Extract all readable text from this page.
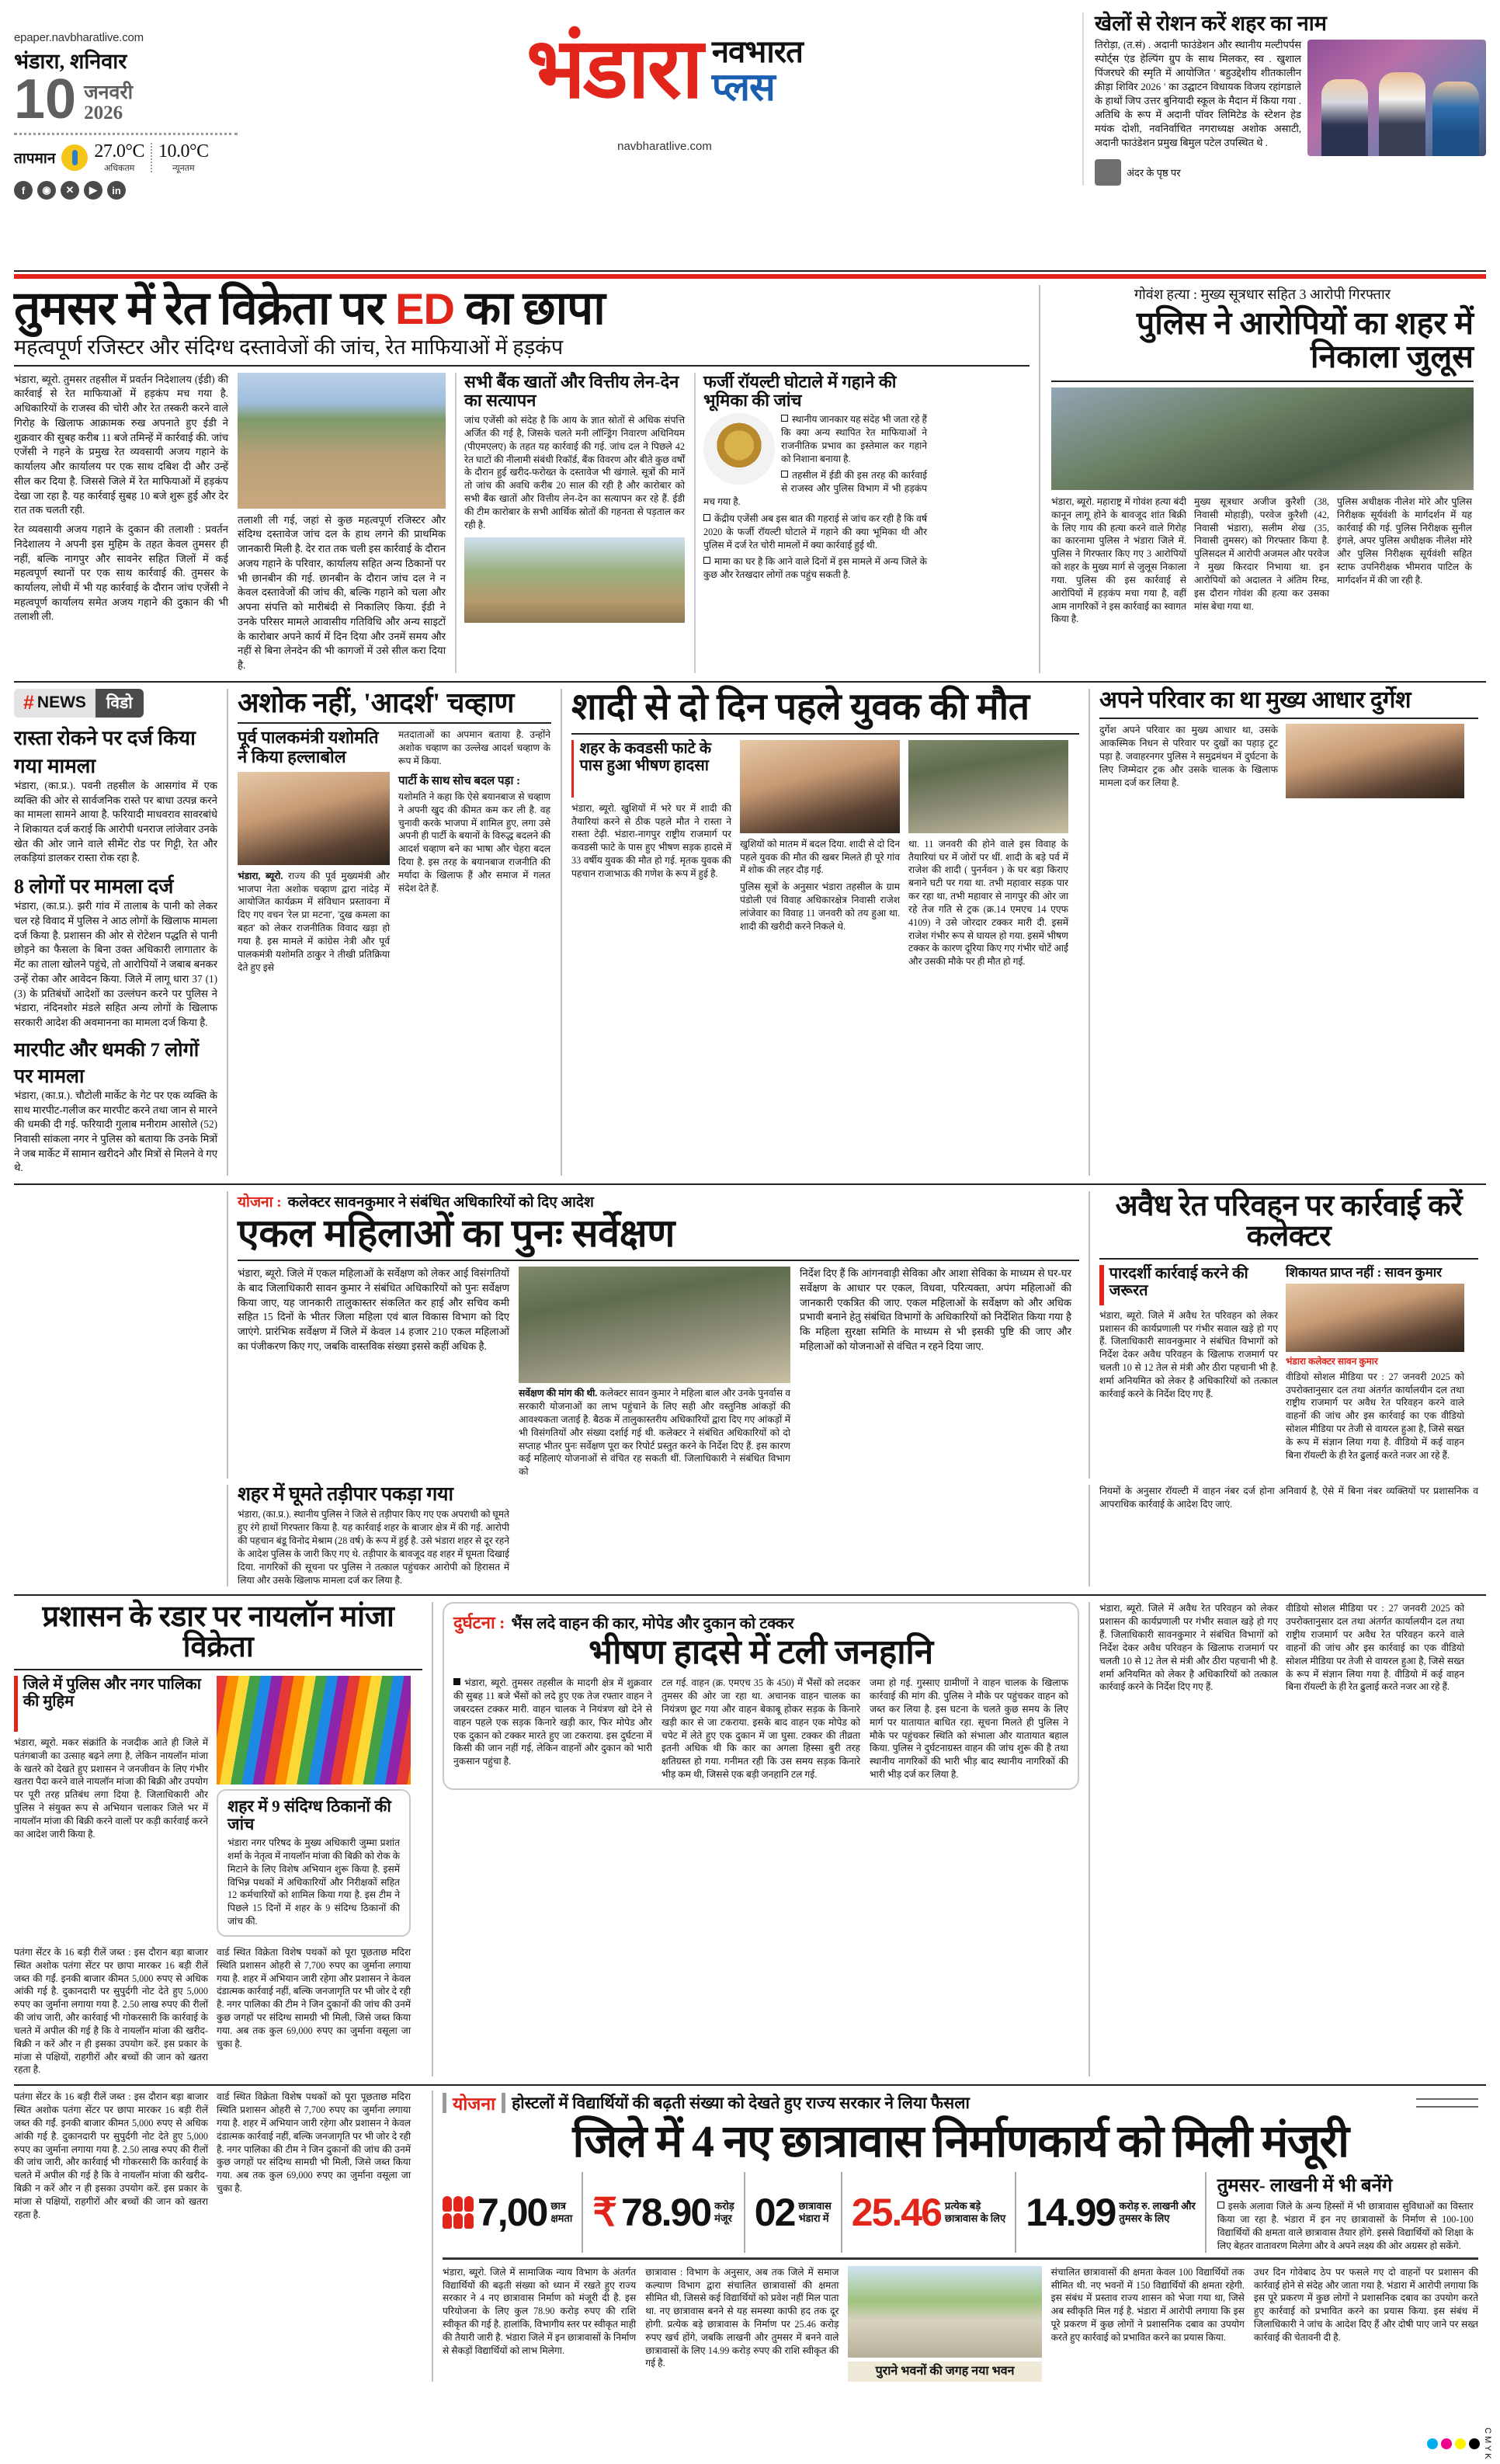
epaper.navbharatlive.com
भंडारा, शनिवार
10 जनवरी
2026
तापमान 27.0°C
अधिकतम
10.0°C
न्यूनतम
f	◉	✕	▶	in
भंडारा नवभारत
प्लस
navbharatlive.com
खेलों से रोशन करें शहर का नाम
तिरोड़ा, (त.सं) . अदानी फाउंडेशन और स्थानीय मल्टीपर्पस स्पोर्ट्स एंड हेल्पिंग ग्रुप के साथ मिलकर, स्व . खुशाल पिंजरघरे की स्मृति में आयोजित ' बहुउद्देशीय शीतकालीन क्रीड़ा शिविर 2026 ' का उद्घाटन विधायक विजय रहांगडाले के हाथों जिप उत्तर बुनियादी स्कूल के मैदान में किया गया . अतिथि के रूप में अदानी पॉवर लिमिटेड के स्टेशन हेड मयंक दोशी, नवनिर्वाचित नगराध्यक्ष अशोक असाटी, अदानी फाउंडेशन प्रमुख बिमुल पटेल उपस्थित थे .
अंदर के पृष्ठ पर
तुमसर में रेत विक्रेता पर ED का छापा
महत्वपूर्ण रजिस्टर और संदिग्ध दस्तावेजों की जांच, रेत माफियाओं में हड़कंप
भंडारा, ब्यूरो. तुमसर तहसील में प्रवर्तन निदेशालय (ईडी) की कार्रवाई से रेत माफियाओं में हड़कंप मच गया है. अधिकारियों के राजस्व की चोरी और रेत तस्करी करने वाले गिरोह के खिलाफ आक्रामक रुख अपनाते हुए ईडी ने शुक्रवार की सुबह करीब 11 बजे तमिन्हें में कार्रवाई की. जांच एजेंसी ने गहने के प्रमुख रेत व्यवसायी अजय गहाने के कार्यालय और कार्यालय पर एक साथ दबिश दी और उन्हें सील कर दिया है. जिससे जिले में रेत माफियाओं में हड़कंप देखा जा रहा है. यह कार्रवाई सुबह 10 बजे शुरू हुई और देर रात तक चलती रही.
रेत व्यवसायी अजय गहाने के दुकान की तलाशी : प्रवर्तन निदेशालय ने अपनी इस मुहिम के तहत केवल तुमसर ही नहीं, बल्कि नागपुर और सावनेर सहित जिलों में कई महत्वपूर्ण स्थानों पर एक साथ कार्रवाई की. तुमसर के कार्यालय, लोधी में भी यह कार्रवाई के दौरान जांच एजेंसी ने महत्वपूर्ण कार्यालय समेत अजय गहाने की दुकान की भी तलाशी ली.
तलाशी ली गई, जहां से कुछ महत्वपूर्ण रजिस्टर और संदिग्ध दस्तावेज जांच दल के हाथ लगने की प्राथमिक जानकारी मिली है. देर रात तक चली इस कार्रवाई के दौरान अजय गहाने के परिवार, कार्यालय सहित अन्य ठिकानों पर भी छानबीन की गई. छानबीन के दौरान जांच दल ने न केवल दस्तावेजों की जांच की, बल्कि गहाने को चला और अपना संपत्ति को मारीबंदी से निकालिए किया. ईडी ने उनके परिसर मामले आवासीय गतिविधि और अन्य साइटों के कारोबार अपने कार्य में दिन दिया और उनमें समय और नहीं से बिना लेनदेन की भी कागजों में उसे सील करा दिया है.
सभी बैंक खातों और वित्तीय लेन-देन का सत्यापन
जांच एजेंसी को संदेह है कि आय के ज्ञात स्रोतों से अधिक संपत्ति अर्जित की गई है, जिसके चलते मनी लॉन्ड्रिंग निवारण अधिनियम (पीएमएलए) के तहत यह कार्रवाई की गई. जांच दल ने पिछले 42 रेत घाटों की नीलामी संबंधी रिकॉर्ड, बैंक विवरण और बीते कुछ वर्षों के दौरान हुई खरीद-फरोख्त के दस्तावेज भी खंगाले. सूत्रों की मानें तो जांच की अवधि करीब 20 साल की रही है और कारोबार को सभी बैंक खातों और वित्तीय लेन-देन का सत्यापन कर रहे हैं. ईडी की टीम कारोबार के सभी आर्थिक स्रोतों की गहनता से पड़ताल कर रही है.
फर्जी रॉयल्टी घोटाले में गहाने की भूमिका की जांच
स्थानीय जानकार यह संदेह भी जता रहे हैं कि क्या अन्य स्थापित रेत माफियाओं ने राजनीतिक प्रभाव का इस्तेमाल कर गहाने को निशाना बनाया है.
तहसील में ईडी की इस तरह की कार्रवाई से राजस्व और पुलिस विभाग में भी हड़कंप मच गया है.
केंद्रीय एजेंसी अब इस बात की गहराई से जांच कर रही है कि वर्ष 2020 के फर्जी रॉयल्टी घोटाले में गहाने की क्या भूमिका थी और पुलिस में दर्ज रेत चोरी मामलों में क्या कार्रवाई हुई थी.
मामा का घर है कि आने वाले दिनों में इस मामले में अन्य जिले के कुछ और रेतखदार लोगों तक पहुंच सकती है.
गोवंश हत्या : मुख्य सूत्रधार सहित 3 आरोपी गिरफ्तार
पुलिस ने आरोपियों का शहर में निकाला जुलूस
भंडारा, ब्यूरो. महाराष्ट्र में गोवंश हत्या बंदी कानून लागू होने के बावजूद शांत बिक्री के लिए गाय की हत्या करने वाले गिरोह का कारनामा पुलिस ने भंडारा जिले में. पुलिस ने गिरफ्तार किए गए 3 आरोपियों को शहर के मुख्य मार्ग से जुलूस निकाला गया. पुलिस की इस कार्रवाई से आरोपियों में हड़कंप मचा गया है, वहीं आम नागरिकों ने इस कार्रवाई का स्वागत किया है.
मुख्य सूत्रधार अजीज कुरैशी (38, निवासी मोहाड़ी), परवेज कुरैशी (42, निवासी भंडारा), सलीम शेख (35, निवासी तुमसर) को गिरफ्तार किया है. पुलिसदल में आरोपी अजमल और परवेज ने मुख्य किरदार निभाया था. इन आरोपियों को अदालत ने अंतिम रिम्ड, इस दौरान गोवंश की हत्या कर उसका मांस बेचा गया था.
पुलिस अधीक्षक नीलेश मोरे और पुलिस निरीक्षक सूर्यवंशी के मार्गदर्शन में यह कार्रवाई की गई. पुलिस निरीक्षक सुनील इंगले, अपर पुलिस अधीक्षक नीलेश मोरे और पुलिस निरीक्षक सूर्यवंशी सहित स्टाफ उपनिरीक्षक भीमराव पाटिल के मार्गदर्शन में की जा रही है.
# NEWS	विडो
रास्ता रोकने पर दर्ज किया गया मामला
भंडारा, (का.प्र.). पवनी तहसील के आसगांव में एक व्यक्ति की ओर से सार्वजनिक रास्ते पर बाधा उत्पन्न करने का मामला सामने आया है. फरियादी माधवराव सावरबांधे ने शिकायत दर्ज कराई कि आरोपी धनराज लांजेवार उनके खेत की ओर जाने वाले सीमेंट रोड पर गिट्टी, रेत और लकड़ियां डालकर रास्ता रोक रहा है.
8 लोगों पर मामला दर्ज
भंडारा, (का.प्र.). झरी गांव में तालाब के पानी को लेकर चल रहे विवाद में पुलिस ने आठ लोगों के खिलाफ मामला दर्ज किया है. प्रशासन की ओर से रोटेशन पद्धति से पानी छोड़ने का फैसला के बिना उक्त अधिकारी लागातार के मेंट का ताला खोलने पहुंचे, तो आरोपियों ने जबाब बनकर उन्हें रोका और आवेदन किया. जिले में लागू धारा 37 (1) (3) के प्रतिबंधों आदेशों का उल्लंघन करने पर पुलिस ने भंडारा, नंदिनशोर मंडले सहित अन्य लोगों के खिलाफ सरकारी आदेश की अवमानना का मामला दर्ज किया है.
मारपीट और धमकी 7 लोगों पर मामला
भंडारा, (का.प्र.). चौटोली मार्केट के गेट पर एक व्यक्ति के साथ मारपीट-गलीज कर मारपीट करने तथा जान से मारने की धमकी दी गई. फरियादी गुलाब मनीराम आसोले (52) निवासी सांकला नगर ने पुलिस को बताया कि उनके मित्रों ने जब मार्केट में सामान खरीदने और मित्रों से मिलने वे गए थे.
अशोक नहीं, 'आदर्श' चव्हाण
पूर्व पालकमंत्री यशोमति ने किया हल्लाबोल
भंडारा, ब्यूरो. राज्य की पूर्व मुख्यमंत्री और भाजपा नेता अशोक चव्हाण द्वारा नांदेड़ में आयोजित कार्यक्रम में संविधान प्रस्तावना में दिए गए वचन 'रेल प्रा मटना', 'दुख कमला का बहत' को लेकर राजनीतिक विवाद खड़ा हो गया है. इस मामले में कांग्रेस नेत्री और पूर्व पालकमंत्री यशोमति ठाकुर ने तीखी प्रतिक्रिया देते हुए इसे
मतदाताओं का अपमान बताया है. उन्होंने अशोक चव्हाण का उल्लेख आदर्श चव्हाण के रूप में किया.
पार्टी के साथ सोच बदल पड़ा :
यशोमति ने कहा कि ऐसे बयानबाज से चव्हाण ने अपनी खुद की कीमत कम कर ली है. वह चुनावी करके भाजपा में शामिल हुए, लगा उसे अपनी ही पार्टी के बयानों के विरुद्ध बदलने की आदर्श चव्हाण बने का भाषा और चेहरा बदल दिया है. इस तरह के बयानबाज राजनीति की मर्यादा के खिलाफ हैं और समाज में गलत संदेश देते हैं.
शादी से दो दिन पहले युवक की मौत
शहर के कवडसी फाटे के पास हुआ भीषण हादसा
भंडारा, ब्यूरो. खुशियों में भरे घर में शादी की तैयारियां करने से ठीक पहले मौत ने रास्ता ने रास्ता टेढ़ी. भंडारा-नागपुर राष्ट्रीय राजमार्ग पर कवडसी फाटे के पास हुए भीषण सड़क हादसे में 33 वर्षीय युवक की मौत हो गई. मृतक युवक की पहचान राजाभाऊ की गणेश के रूप में हुई है.
खुशियों को मातम में बदल दिया. शादी से दो दिन पहले युवक की मौत की खबर मिलते ही पूरे गांव में शोक की लहर दौड़ गई.
पुलिस सूत्रों के अनुसार भंडारा तहसील के ग्राम पंडोली एवं विवाह अधिकारक्षेत्र निवासी राजेश लांजेवार का विवाह 11 जनवरी को तय हुआ था. शादी की खरीदी करने निकले थे.
था. 11 जनवरी की होने वाले इस विवाह के तैयारियां घर में जोरों पर थीं. शादी के बड़े पर्व में राजेश की शादी ( पुनर्नवन ) के घर बड़ा किराए बनाने घटी पर गया था. तभी महावार सड़क पार कर रहा था, तभी महावार से नागपुर की ओर जा रहे तेज गति से ट्रक (क्र.14 एमएच 14 एएफ 4109) ने उसे जोरदार टक्कर मारी दी. इसमें राजेश गंभीर रूप से घायल हो गया. इसमें भीषण टक्कर के कारण दूरिया किए गए गंभीर चोटें आईं और उसकी मौके पर ही मौत हो गई.
अपने परिवार का था मुख्य आधार दुर्गेश
दुर्गेश अपने परिवार का मुख्य आधार था, उसके आकस्मिक निधन से परिवार पर दुखों का पहाड़ टूट पड़ा है. जवाहरनगर पुलिस ने समुद्रमंथन में दुर्घटना के लिए जिम्मेदार ट्रक और उसके चालक के खिलाफ मामला दर्ज कर लिया है.
योजना : कलेक्टर सावनकुमार ने संबंधित अधिकारियों को दिए आदेश
एकल महिलाओं का पुनः सर्वेक्षण
भंडारा, ब्यूरो. जिले में एकल महिलाओं के सर्वेक्षण को लेकर आई विसंगतियों के बाद जिलाधिकारी सावन कुमार ने संबंधित अधिकारियों को पुनः सर्वेक्षण किया जाए, यह जानकारी तालुकास्तर संकलित कर हाई और सचिव कमी सहित 15 दिनों के भीतर जिला महिला एवं बाल विकास विभाग को दिए जाएंगे. प्रारंभिक सर्वेक्षण में जिले में केवल 14 हजार 210 एकल महिलाओं का पंजीकरण किए गए, जबकि वास्तविक संख्या इससे कहीं अधिक है.
सर्वेक्षण की मांग की थी. कलेक्टर सावन कुमार ने महिला बाल और उनके पुनर्वास व सरकारी योजनाओं का लाभ पहुंचाने के लिए सही और वस्तुनिष्ठ आंकड़ों की आवश्यकता जताई है. बैठक में तालुकास्तरीय अधिकारियों द्वारा दिए गए आंकड़ों में भी विसंगतियों और संख्या दर्शाई गई थी. कलेक्टर ने संबंधित अधिकारियों को दो सप्ताह भीतर पुनः सर्वेक्षण पूरा कर रिपोर्ट प्रस्तुत करने के निर्देश दिए हैं. इस कारण कई महिलाएं योजनाओं से वंचित रह सकती थीं. जिलाधिकारी ने संबंधित विभाग को
निर्देश दिए हैं कि आंगनवाड़ी सेविका और आशा सेविका के माध्यम से घर-घर सर्वेक्षण के आधार पर एकल, विधवा, परित्यक्ता, अपंग महिलाओं की जानकारी एकत्रित की जाए. एकल महिलाओं के सर्वेक्षण को और अधिक प्रभावी बनाने हेतु संबंधित विभागों के अधिकारियों को निर्देशित किया गया है कि महिला सुरक्षा समिति के माध्यम से भी इसकी पुष्टि की जाए और महिलाओं को योजनाओं से वंचित न रहने दिया जाए.
अवैध रेत परिवहन पर कार्रवाई करें कलेक्टर
पारदर्शी कार्रवाई करने की जरूरत
भंडारा, ब्यूरो. जिले में अवैध रेत परिवहन को लेकर प्रशासन की कार्यप्रणाली पर गंभीर सवाल खड़े हो गए हैं. जिलाधिकारी सावनकुमार ने संबंधित विभागों को निर्देश देकर अवैध परिवहन के खिलाफ राजमार्ग पर चलती 10 से 12 तेल से मंत्री और ठीरा पहचानी भी है. शर्मा अनियमित को लेकर है अधिकारियों को तत्काल कार्रवाई करने के निर्देश दिए गए हैं.
शिकायत प्राप्त नहीं : सावन कुमार
भंडारा कलेक्टर सावन कुमार
वीडियो सोशल मीडिया पर : 27 जनवरी 2025 को उपरोक्तानुसार दल तथा अंतर्गत कार्यालयीन दल तथा राष्ट्रीय राजमार्ग पर अवैध रेत परिवहन करने वाले वाहनों की जांच और इस कार्रवाई का एक वीडियो सोशल मीडिया पर तेजी से वायरल हुआ है, जिसे सख्त के रूप में संज्ञान लिया गया है. वीडियो में कई वाहन बिना रॉयल्टी के ही रेत ढुलाई करते नजर आ रहे हैं.
शहर में घूमते तड़ीपार पकड़ा गया
भंडारा, (का.प्र.). स्थानीय पुलिस ने जिले से तड़ीपार किए गए एक अपराधी को घूमते हुए रंगे हाथों गिरफ्तार किया है. यह कार्रवाई शहर के बाजार क्षेत्र में की गई. आरोपी की पहचान बंडू विनोद मेश्राम (28 वर्ष) के रूप में हुई है. उसे भंडारा शहर से दूर रहने के आदेश पुलिस के जारी किए गए थे. तड़ीपार के बावजूद वह शहर में घूमता दिखाई दिया. नागरिकों की सूचना पर पुलिस ने तत्काल पहुंचकर आरोपी को हिरासत में लिया और उसके खिलाफ मामला दर्ज कर लिया है.
नियमों के अनुसार रॉयल्टी में वाहन नंबर दर्ज होना अनिवार्य है, ऐसे में बिना नंबर व्यक्तियों पर प्रशासनिक व आपराधिक कार्रवाई के आदेश दिए जाएं.
प्रशासन के रडार पर नायलॉन मांजा विक्रेता
जिले में पुलिस और नगर पालिका की मुहिम
भंडारा, ब्यूरो. मकर संक्रांति के नजदीक आते ही जिले में पतंगबाजी का उत्साह बढ़ने लगा है, लेकिन नायलॉन मांजा के खतरे को देखते हुए प्रशासन ने जनजीवन के लिए गंभीर खतरा पैदा करने वाले नायलॉन मांजा की बिक्री और उपयोग पर पूरी तरह प्रतिबंध लगा दिया है. जिलाधिकारी और पुलिस ने संयुक्त रूप से अभियान चलाकर जिले भर में नायलॉन मांजा की बिक्री करने वालों पर कड़ी कार्रवाई करने का आदेश जारी किया है.
शहर में 9 संदिग्ध ठिकानों की जांच
भंडारा नगर परिषद के मुख्य अधिकारी जुम्मा प्रशांत शर्मा के नेतृत्व में नायलॉन मांजा की बिक्री को रोक के मिटाने के लिए विशेष अभियान शुरू किया है. इसमें विभिन्न पथकों में अधिकारियों और निरीक्षकों सहित 12 कर्मचारियों को शामिल किया गया है. इस टीम ने पिछले 15 दिनों में शहर के 9 संदिग्ध ठिकानों की जांच की.
पतंगा सेंटर के 16 बड़ी रीलें जब्त : इस दौरान बड़ा बाजार स्थित अशोक पतंगा सेंटर पर छापा मारकर 16 बड़ी रीलें जब्त की गईं. इनकी बाजार कीमत 5,000 रुपए से अधिक आंकी गई है. दुकानदारी पर सुपुर्दगी नोट देते हुए 5,000 रुपए का जुर्माना लगाया गया है. 2.50 लाख रुपए की रीलों की जांच जारी, और कार्रवाई भी गोकरसारी कि कार्रवाई के चलते में अपील की गई है कि वे नायलॉन मांजा की खरीद-बिक्री न करें और न ही इसका उपयोग करें. इस प्रकार के मांजा से पक्षियों, राहगीरों और बच्चों की जान को खतरा रहता है.
वार्ड स्थित विक्रेता विशेष पथकों को पूरा पूछताछ मदिरा स्थिति प्रशासन ओहरी से 7,700 रुपए का जुर्माना लगाया गया है. शहर में अभियान जारी रहेगा और प्रशासन ने केवल दंडात्मक कार्रवाई नहीं, बल्कि जनजागृति पर भी जोर दे रही है. नगर पालिका की टीम ने जिन दुकानों की जांच की उनमें कुछ जगहों पर संदिग्ध सामग्री भी मिली, जिसे जब्त किया गया. अब तक कुल 69,000 रुपए का जुर्माना वसूला जा चुका है.
दुर्घटना : भैंस लदे वाहन की कार, मोपेड और दुकान को टक्कर
भीषण हादसे में टली जनहानि
भंडारा, ब्यूरो. तुमसर तहसील के मादगी क्षेत्र में शुक्रवार की सुबह 11 बजे भैंसों को लदे हुए एक तेज रफ्तार वाहन ने जबरदस्त टक्कर मारी. वाहन चालक ने नियंत्रण खो देने से वाहन पहले एक सड़क किनारे खड़ी कार, फिर मोपेड और एक दुकान को टक्कर मारते हुए जा टकराया. इस दुर्घटना में किसी की जान नहीं गई, लेकिन वाहनों और दुकान को भारी नुकसान पहुंचा है.
टल गई. वाहन (क्र. एमएच 35 के 450) में भैंसों को लदकर तुमसर की ओर जा रहा था. अचानक वाहन चालक का नियंत्रण छूट गया और वाहन बेकाबू होकर सड़क के किनारे खड़ी कार से जा टकराया. इसके बाद वाहन एक मोपेड को चपेट में लेते हुए एक दुकान में जा घुसा. टक्कर की तीव्रता इतनी अधिक थी कि कार का अगला हिस्सा बुरी तरह क्षतिग्रस्त हो गया. गनीमत रही कि उस समय सड़क किनारे भीड़ कम थी, जिससे एक बड़ी जनहानि टल गई.
जमा हो गई. गुस्साए ग्रामीणों ने वाहन चालक के खिलाफ कार्रवाई की मांग की. पुलिस ने मौके पर पहुंचकर वाहन को जब्त कर लिया है. इस घटना के चलते कुछ समय के लिए मार्ग पर यातायात बाधित रहा. सूचना मिलते ही पुलिस ने मौके पर पहुंचकर स्थिति को संभाला और यातायात बहाल किया. पुलिस ने दुर्घटनाग्रस्त वाहन की जांच शुरू की है तथा स्थानीय नागरिकों की भारी भीड़ बाद स्थानीय नागरिकों की भारी भीड़ दर्ज कर लिया है.
भंडारा, ब्यूरो. जिले में अवैध रेत परिवहन को लेकर प्रशासन की कार्यप्रणाली पर गंभीर सवाल खड़े हो गए हैं. जिलाधिकारी सावनकुमार ने संबंधित विभागों को निर्देश देकर अवैध परिवहन के खिलाफ राजमार्ग पर चलती 10 से 12 तेल से मंत्री और ठीरा पहचानी भी है. शर्मा अनियमित को लेकर है अधिकारियों को तत्काल कार्रवाई करने के निर्देश दिए गए हैं.
वीडियो सोशल मीडिया पर : 27 जनवरी 2025 को उपरोक्तानुसार दल तथा अंतर्गत कार्यालयीन दल तथा राष्ट्रीय राजमार्ग पर अवैध रेत परिवहन करने वाले वाहनों की जांच और इस कार्रवाई का एक वीडियो सोशल मीडिया पर तेजी से वायरल हुआ है, जिसे सख्त के रूप में संज्ञान लिया गया है. वीडियो में कई वाहन बिना रॉयल्टी के ही रेत ढुलाई करते नजर आ रहे हैं.
पतंगा सेंटर के 16 बड़ी रीलें जब्त : इस दौरान बड़ा बाजार स्थित अशोक पतंगा सेंटर पर छापा मारकर 16 बड़ी रीलें जब्त की गईं. इनकी बाजार कीमत 5,000 रुपए से अधिक आंकी गई है. दुकानदारी पर सुपुर्दगी नोट देते हुए 5,000 रुपए का जुर्माना लगाया गया है. 2.50 लाख रुपए की रीलों की जांच जारी, और कार्रवाई भी गोकरसारी कि कार्रवाई के चलते में अपील की गई है कि वे नायलॉन मांजा की खरीद-बिक्री न करें और न ही इसका उपयोग करें. इस प्रकार के मांजा से पक्षियों, राहगीरों और बच्चों की जान को खतरा रहता है.
वार्ड स्थित विक्रेता विशेष पथकों को पूरा पूछताछ मदिरा स्थिति प्रशासन ओहरी से 7,700 रुपए का जुर्माना लगाया गया है. शहर में अभियान जारी रहेगा और प्रशासन ने केवल दंडात्मक कार्रवाई नहीं, बल्कि जनजागृति पर भी जोर दे रही है. नगर पालिका की टीम ने जिन दुकानों की जांच की उनमें कुछ जगहों पर संदिग्ध सामग्री भी मिली, जिसे जब्त किया गया. अब तक कुल 69,000 रुपए का जुर्माना वसूला जा चुका है.
योजना होस्टलों में विद्यार्थियों की बढ़ती संख्या को देखते हुए राज्य सरकार ने लिया फैसला
जिले में 4 नए छात्रावास निर्माणकार्य को मिली मंजूरी
7,00 छात्र
क्षमता ₹ 78.90 करोड़
मंजूर 02 छात्रावास
भंडारा में 25.46 प्रत्येक बड़े
छात्रावास के लिए 14.99 करोड़ रु. लाखनी और
तुमसर के लिए
तुमसर- लाखनी में भी बनेंगे
इसके अलावा जिले के अन्य हिस्सों में भी छात्रावास सुविधाओं का विस्तार किया जा रहा है. भंडारा में इन नए छात्रावासों के निर्माण से 100-100 विद्यार्थियों की क्षमता वाले छात्रावास तैयार होंगे. इससे विद्यार्थियों को शिक्षा के लिए बेहतर वातावरण मिलेगा और वे अपने लक्ष्य की ओर अग्रसर हो सकेंगे.
भंडारा, ब्यूरो. जिले में सामाजिक न्याय विभाग के अंतर्गत विद्यार्थियों की बढ़ती संख्या को ध्यान में रखते हुए राज्य सरकार ने 4 नए छात्रावास निर्माण को मंजूरी दी है. इस परियोजना के लिए कुल 78.90 करोड़ रुपए की राशि स्वीकृत की गई है. हालांकि, विभागीय स्तर पर स्वीकृत माही की तैयारी जारी है. भंडारा जिले में इन छात्रावासों के निर्माण से सैकड़ों विद्यार्थियों को लाभ मिलेगा.
छात्रावास : विभाग के अनुसार, अब तक जिले में समाज कल्याण विभाग द्वारा संचालित छात्रावासों की क्षमता सीमित थी, जिससे कई विद्यार्थियों को प्रवेश नहीं मिल पाता था. नए छात्रावास बनने से यह समस्या काफी हद तक दूर होगी. प्रत्येक बड़े छात्रावास के निर्माण पर 25.46 करोड़ रुपए खर्च होंगे, जबकि लाखनी और तुमसर में बनने वाले छात्रावासों के लिए 14.99 करोड़ रुपए की राशि स्वीकृत की गई है.
पुराने भवनों की जगह नया भवन
संचालित छात्रावासों की क्षमता केवल 100 विद्यार्थियों तक सीमित थी. नए भवनों में 150 विद्यार्थियों की क्षमता रहेगी. इस संबंध में प्रस्ताव राज्य शासन को भेजा गया था, जिसे अब स्वीकृति मिल गई है. भंडारा में आरोपी लगाया कि इस पूरे प्रकरण में कुछ लोगों ने प्रशासनिक दबाव का उपयोग करते हुए कार्रवाई को प्रभावित करने का प्रयास किया.
उधर दिन गोवेबाद ठेप पर फसले गए दो वाहनों पर प्रशासन की कार्रवाई होने से संदेह और जाता गया है. भंडारा में आरोपी लगाया कि इस पूरे प्रकरण में कुछ लोगों ने प्रशासनिक दबाव का उपयोग करते हुए कार्रवाई को प्रभावित करने का प्रयास किया. इस संबंध में जिलाधिकारी ने जांच के आदेश दिए हैं और दोषी पाए जाने पर सख्त कार्रवाई की चेतावनी दी है.
C M Y K
